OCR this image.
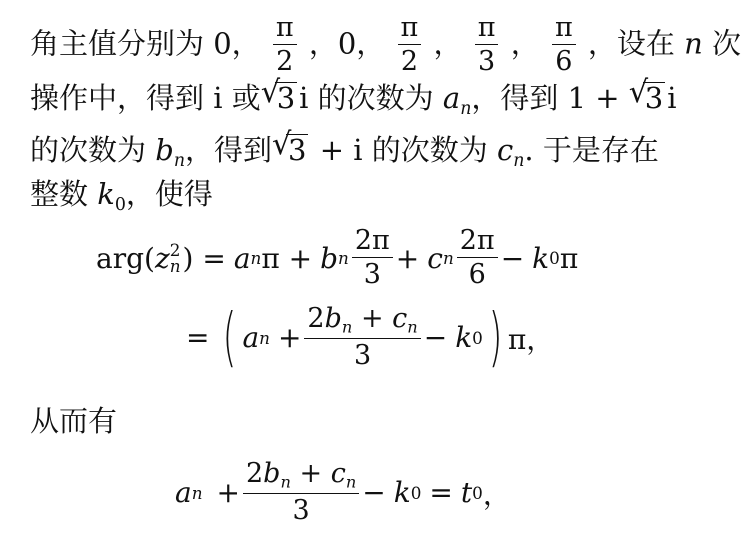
角主值分别为 0， $\frac{\pi}{2}$ ，0， $\frac{\pi}{2}$ ， $\frac{\pi}{3}$ ， $\frac{\pi}{6}$ ，设在 n 次
操作中，得到 i 或 √
3 i 的次数为 $a_n$，得到 1 + √
3 i
的次数为 $b_n$，得到 √
3 + i 的次数为 $c_n$. 于是存在
整数 $k_0$，使得
arg( z 2
n ) = a n π + b n $\frac{2\pi}{3} + c$ n $\frac{2\pi}{6} - k$ 0 π
= ( a $n + \frac{2b_n + c_n}{3} - k$ 0 ) π，
从而有
a $n + \frac{2b_n + c_n}{3} - k$ 0 = t 0 ，
